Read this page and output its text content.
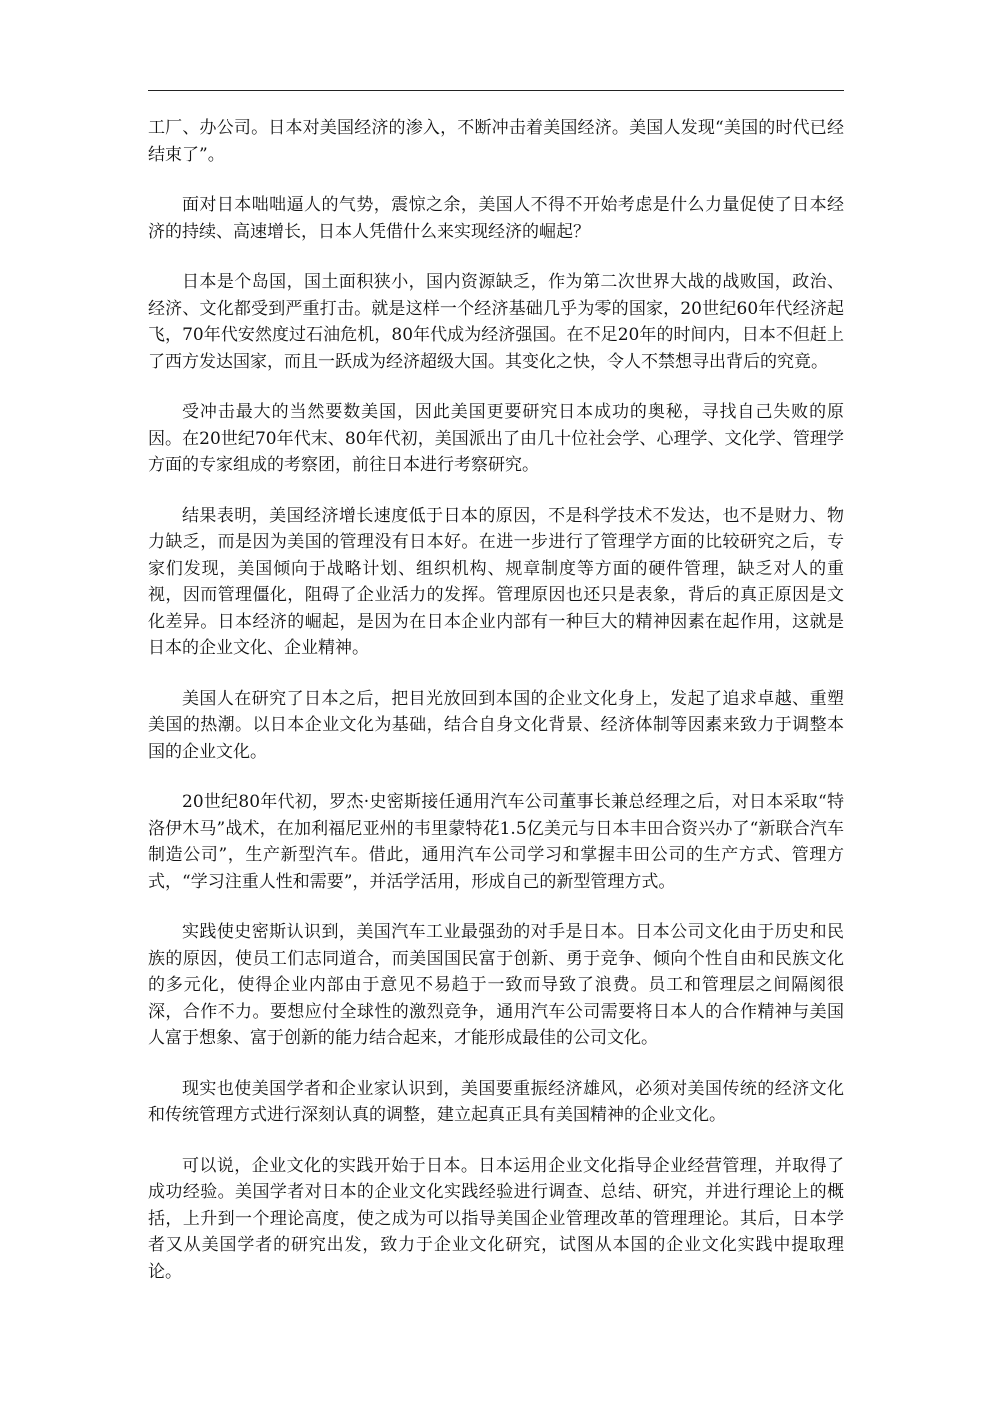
工厂、办公司。日本对美国经济的渗入，不断冲击着美国经济。美国人发现“美国的时代已经结束了”。

面对日本咄咄逼人的气势，震惊之余，美国人不得不开始考虑是什么力量促使了日本经济的持续、高速增长，日本人凭借什么来实现经济的崛起？

日本是个岛国，国土面积狭小，国内资源缺乏，作为第二次世界大战的战败国，政治、经济、文化都受到严重打击。就是这样一个经济基础几乎为零的国家，20世纪60年代经济起飞，70年代安然度过石油危机，80年代成为经济强国。在不足20年的时间内，日本不但赶上了西方发达国家，而且一跃成为经济超级大国。其变化之快，令人不禁想寻出背后的究竟。

受冲击最大的当然要数美国，因此美国更要研究日本成功的奥秘，寻找自己失败的原因。在20世纪70年代末、80年代初，美国派出了由几十位社会学、心理学、文化学、管理学方面的专家组成的考察团，前往日本进行考察研究。

结果表明，美国经济增长速度低于日本的原因，不是科学技术不发达，也不是财力、物力缺乏，而是因为美国的管理没有日本好。在进一步进行了管理学方面的比较研究之后，专家们发现，美国倾向于战略计划、组织机构、规章制度等方面的硬件管理，缺乏对人的重视，因而管理僵化，阻碍了企业活力的发挥。管理原因也还只是表象，背后的真正原因是文化差异。日本经济的崛起，是因为在日本企业内部有一种巨大的精神因素在起作用，这就是日本的企业文化、企业精神。

美国人在研究了日本之后，把目光放回到本国的企业文化身上，发起了追求卓越、重塑美国的热潮。以日本企业文化为基础，结合自身文化背景、经济体制等因素来致力于调整本国的企业文化。

20世纪80年代初，罗杰·史密斯接任通用汽车公司董事长兼总经理之后，对日本采取“特洛伊木马”战术，在加利福尼亚州的韦里蒙特花1.5亿美元与日本丰田合资兴办了“新联合汽车制造公司”，生产新型汽车。借此，通用汽车公司学习和掌握丰田公司的生产方式、管理方式，“学习注重人性和需要”，并活学活用，形成自己的新型管理方式。

实践使史密斯认识到，美国汽车工业最强劲的对手是日本。日本公司文化由于历史和民族的原因，使员工们志同道合，而美国国民富于创新、勇于竞争、倾向个性自由和民族文化的多元化，使得企业内部由于意见不易趋于一致而导致了浪费。员工和管理层之间隔阂很深，合作不力。要想应付全球性的激烈竞争，通用汽车公司需要将日本人的合作精神与美国人富于想象、富于创新的能力结合起来，才能形成最佳的公司文化。

现实也使美国学者和企业家认识到，美国要重振经济雄风，必须对美国传统的经济文化和传统管理方式进行深刻认真的调整，建立起真正具有美国精神的企业文化。

可以说，企业文化的实践开始于日本。日本运用企业文化指导企业经营管理，并取得了成功经验。美国学者对日本的企业文化实践经验进行调查、总结、研究，并进行理论上的概括，上升到一个理论高度，使之成为可以指导美国企业管理改革的管理理论。其后，日本学者又从美国学者的研究出发，致力于企业文化研究，试图从本国的企业文化实践中提取理论。
